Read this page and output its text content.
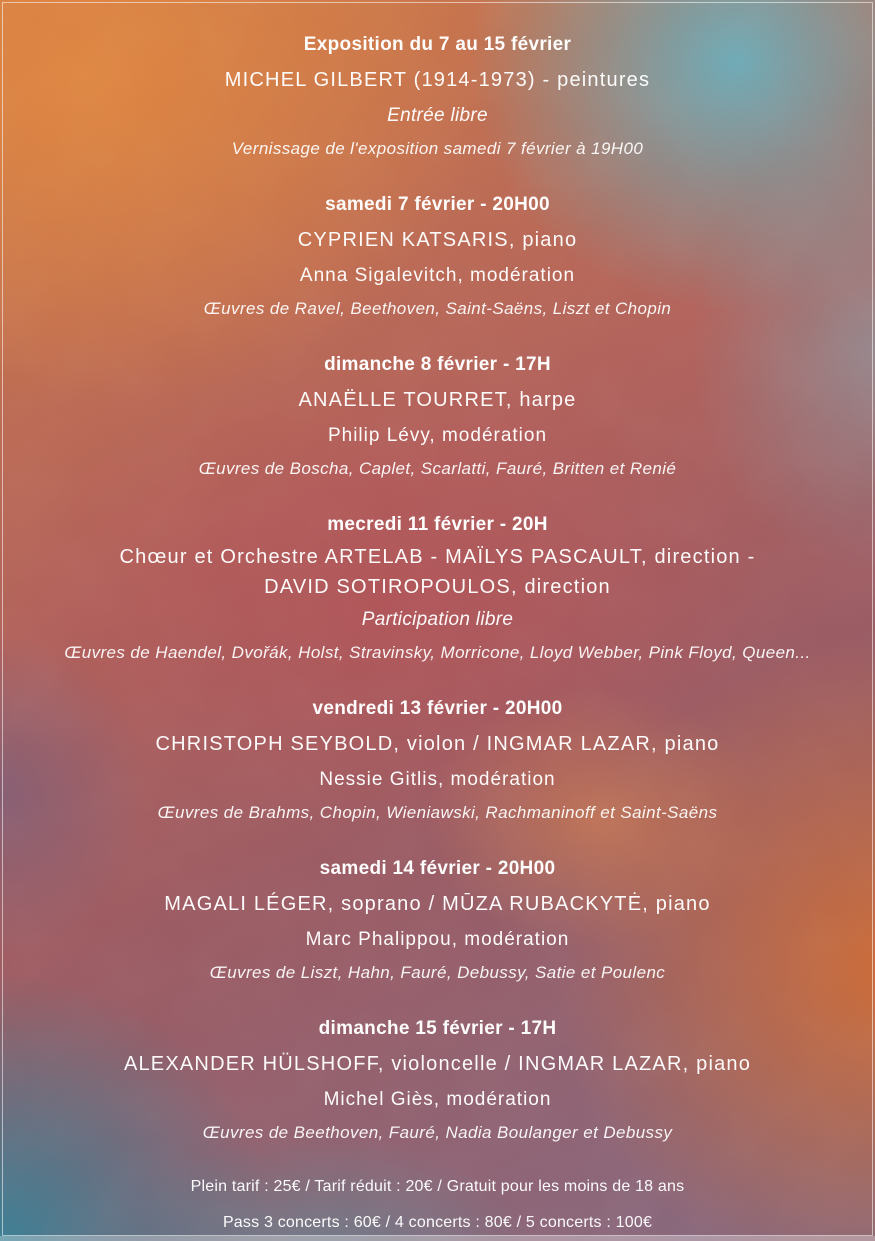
Exposition du 7 au 15 février

MICHEL GILBERT (1914-1973) - peintures

Entrée libre

Vernissage de l'exposition samedi 7 février à 19H00

samedi 7 février - 20H00

CYPRIEN KATSARIS, piano

Anna Sigalevitch, modération

Œuvres de Ravel, Beethoven, Saint-Saëns, Liszt et Chopin

dimanche 8 février - 17H

ANAËLLE TOURRET, harpe

Philip Lévy, modération

Œuvres de Boscha, Caplet, Scarlatti, Fauré, Britten et Renié

mecredi 11 février - 20H

Chœur et Orchestre ARTELAB - MAÏLYS PASCAULT, direction -

DAVID SOTIROPOULOS, direction

Participation libre

Œuvres de Haendel, Dvořák, Holst, Stravinsky, Morricone, Lloyd Webber, Pink Floyd, Queen...

vendredi 13 février - 20H00

CHRISTOPH SEYBOLD, violon / INGMAR LAZAR, piano

Nessie Gitlis, modération

Œuvres de Brahms, Chopin, Wieniawski, Rachmaninoff et Saint-Saëns

samedi 14 février - 20H00

MAGALI LÉGER, soprano / MŪZA RUBACKYTĖ, piano

Marc Phalippou, modération

Œuvres de Liszt, Hahn, Fauré, Debussy, Satie et Poulenc

dimanche 15 février - 17H

ALEXANDER HÜLSHOFF, violoncelle / INGMAR LAZAR, piano

Michel Giès, modération

Œuvres de Beethoven, Fauré, Nadia Boulanger et Debussy

Plein tarif : 25€ / Tarif réduit : 20€ / Gratuit pour les moins de 18 ans

Pass 3 concerts : 60€ / 4 concerts : 80€ / 5 concerts : 100€
